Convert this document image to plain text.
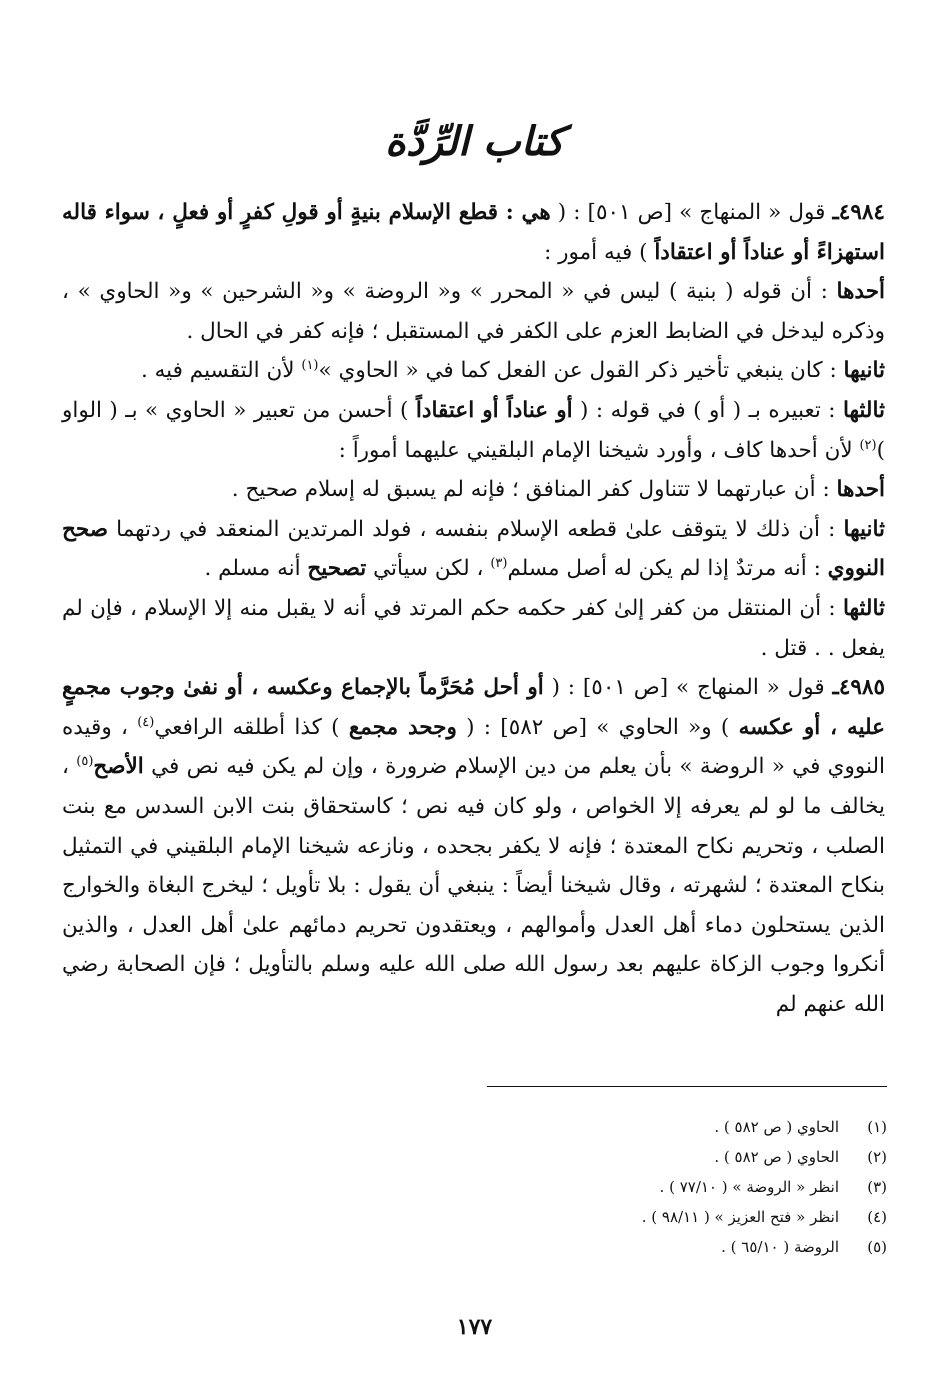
كتاب الرِّدَّة

٤٩٨٤ـ قول « المنهاج » [ص ٥٠١] : ( هي : قطع الإسلام بنيةٍ أو قولِ كفرٍ أو فعلٍ ، سواء قاله استهزاءً أو عناداً أو اعتقاداً ) فيه أمور :

أحدها : أن قوله ( بنية ) ليس في « المحرر » و« الروضة » و« الشرحين » و« الحاوي » ، وذكره ليدخل في الضابط العزم على الكفر في المستقبل ؛ فإنه كفر في الحال .

ثانيها : كان ينبغي تأخير ذكر القول عن الفعل كما في « الحاوي »$^{(١)}$ لأن التقسيم فيه .

ثالثها : تعبيره بـ ( أو ) في قوله : ( أو عناداً أو اعتقاداً ) أحسن من تعبير « الحاوي » بـ ( الواو )$^{(٢)}$ لأن أحدها كاف ، وأورد شيخنا الإمام البلقيني عليهما أموراً :

أحدها : أن عبارتهما لا تتناول كفر المنافق ؛ فإنه لم يسبق له إسلام صحيح .

ثانيها : أن ذلك لا يتوقف علىٰ قطعه الإسلام بنفسه ، فولد المرتدين المنعقد في ردتهما صحح النووي : أنه مرتدٌ إذا لم يكن له أصل مسلم$^{(٣)}$ ، لكن سيأتي تصحيح أنه مسلم .

ثالثها : أن المنتقل من كفر إلىٰ كفر حكمه حكم المرتد في أنه لا يقبل منه إلا الإسلام ، فإن لم يفعل . . قتل .

٤٩٨٥ـ قول « المنهاج » [ص ٥٠١] : ( أو أحل مُحَرَّماً بالإجماع وعكسه ، أو نفىٰ وجوب مجمعٍ عليه ، أو عكسه ) و« الحاوي » [ص ٥٨٢] : ( وجحد مجمع ) كذا أطلقه الرافعي$^{(٤)}$ ، وقيده النووي في « الروضة » بأن يعلم من دين الإسلام ضرورة ، وإن لم يكن فيه نص في الأصح$^{(٥)}$ ، يخالف ما لو لم يعرفه إلا الخواص ، ولو كان فيه نص ؛ كاستحقاق بنت الابن السدس مع بنت الصلب ، وتحريم نكاح المعتدة ؛ فإنه لا يكفر بجحده ، ونازعه شيخنا الإمام البلقيني في التمثيل بنكاح المعتدة ؛ لشهرته ، وقال شيخنا أيضاً : ينبغي أن يقول : بلا تأويل ؛ ليخرج البغاة والخوارج الذين يستحلون دماء أهل العدل وأموالهم ، ويعتقدون تحريم دمائهم علىٰ أهل العدل ، والذين أنكروا وجوب الزكاة عليهم بعد رسول الله صلى الله عليه وسلم بالتأويل ؛ فإن الصحابة رضي الله عنهم لم

(١)
الحاوي ( ص ٥٨٢ ) .
(٢)
الحاوي ( ص ٥٨٢ ) .
(٣)
انظر « الروضة » ( ٧٧/١٠ ) .
(٤)
انظر « فتح العزيز » ( ٩٨/١١ ) .
(٥)
الروضة ( ٦٥/١٠ ) .
١٧٧
